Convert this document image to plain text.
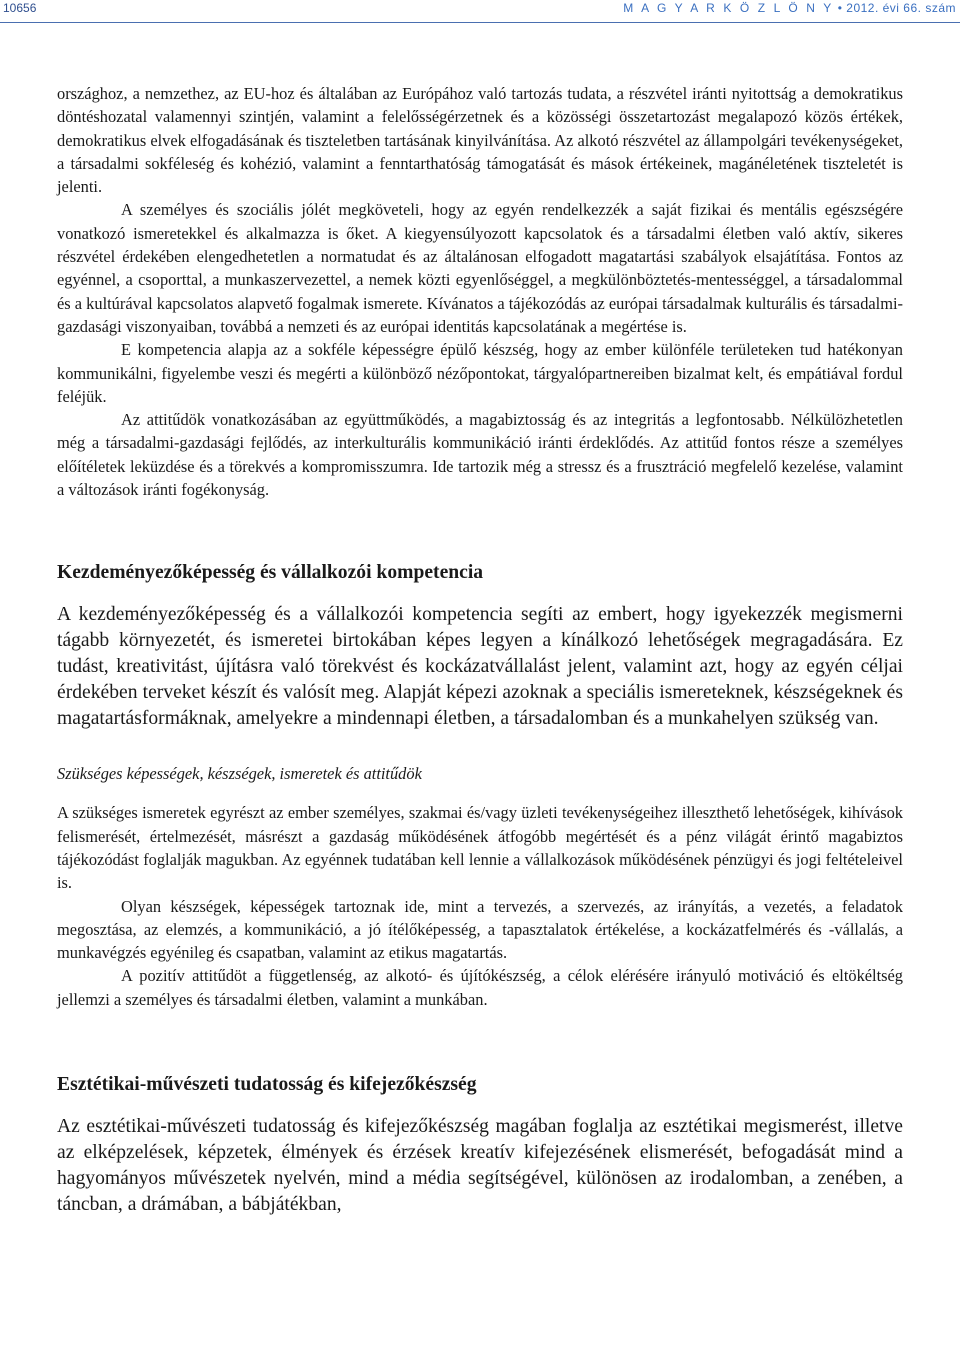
10656	M A G Y A R K Ö Z L Ö N Y • 2012. évi 66. szám

országhoz, a nemzethez, az EU-hoz és általában az Európához való tartozás tudata, a részvétel iránti nyitottság a demokratikus döntéshozatal valamennyi szintjén, valamint a felelősségérzetnek és a közösségi összetartozást megalapozó közös értékek, demokratikus elvek elfogadásának és tiszteletben tartásának kinyilvánítása. Az alkotó részvétel az állampolgári tevékenységeket, a társadalmi sokféleség és kohézió, valamint a fenntarthatóság támogatását és mások értékeinek, magánéletének tiszteletét is jelenti.

A személyes és szociális jólét megköveteli, hogy az egyén rendelkezzék a saját fizikai és mentális egészségére vonatkozó ismeretekkel és alkalmazza is őket. A kiegyensúlyozott kapcsolatok és a társadalmi életben való aktív, sikeres részvétel érdekében elengedhetetlen a normatudat és az általánosan elfogadott magatartási szabályok elsajátítása. Fontos az egyénnel, a csoporttal, a munkaszervezettel, a nemek közti egyenlőséggel, a megkülönböztetés-mentességgel, a társadalommal és a kultúrával kapcsolatos alapvető fogalmak ismerete. Kívánatos a tájékozódás az európai társadalmak kulturális és társadalmi-gazdasági viszonyaiban, továbbá a nemzeti és az európai identitás kapcsolatának a megértése is.

E kompetencia alapja az a sokféle képességre épülő készség, hogy az ember különféle területeken tud hatékonyan kommunikálni, figyelembe veszi és megérti a különböző nézőpontokat, tárgyalópartnereiben bizalmat kelt, és empátiával fordul feléjük.

Az attitűdök vonatkozásában az együttműködés, a magabiztosság és az integritás a legfontosabb. Nélkülözhetetlen még a társadalmi-gazdasági fejlődés, az interkulturális kommunikáció iránti érdeklődés. Az attitűd fontos része a személyes előítéletek leküzdése és a törekvés a kompromisszumra. Ide tartozik még a stressz és a frusztráció megfelelő kezelése, valamint a változások iránti fogékonyság.

Kezdeményezőképesség és vállalkozói kompetencia

A kezdeményezőképesség és a vállalkozói kompetencia segíti az embert, hogy igyekezzék megismerni tágabb környezetét, és ismeretei birtokában képes legyen a kínálkozó lehetőségek megragadására. Ez tudást, kreativitást, újításra való törekvést és kockázatvállalást jelent, valamint azt, hogy az egyén céljai érdekében terveket készít és valósít meg. Alapját képezi azoknak a speciális ismereteknek, készségeknek és magatartásformáknak, amelyekre a mindennapi életben, a társadalomban és a munkahelyen szükség van.

Szükséges képességek, készségek, ismeretek és attitűdök

A szükséges ismeretek egyrészt az ember személyes, szakmai és/vagy üzleti tevékenységeihez illeszthető lehetőségek, kihívások felismerését, értelmezését, másrészt a gazdaság működésének átfogóbb megértését és a pénz világát érintő magabiztos tájékozódást foglalják magukban. Az egyénnek tudatában kell lennie a vállalkozások működésének pénzügyi és jogi feltételeivel is.

Olyan készségek, képességek tartoznak ide, mint a tervezés, a szervezés, az irányítás, a vezetés, a feladatok megosztása, az elemzés, a kommunikáció, a jó ítélőképesség, a tapasztalatok értékelése, a kockázatfelmérés és -vállalás, a munkavégzés egyénileg és csapatban, valamint az etikus magatartás.

A pozitív attitűdöt a függetlenség, az alkotó- és újítókészség, a célok elérésére irányuló motiváció és eltökéltség jellemzi a személyes és társadalmi életben, valamint a munkában.

Esztétikai-művészeti tudatosság és kifejezőkészség

Az esztétikai-művészeti tudatosság és kifejezőkészség magában foglalja az esztétikai megismerést, illetve az elképzelések, képzetek, élmények és érzések kreatív kifejezésének elismerését, befogadását mind a hagyományos művészetek nyelvén, mind a média segítségével, különösen az irodalomban, a zenében, a táncban, a drámában, a bábjátékban,
